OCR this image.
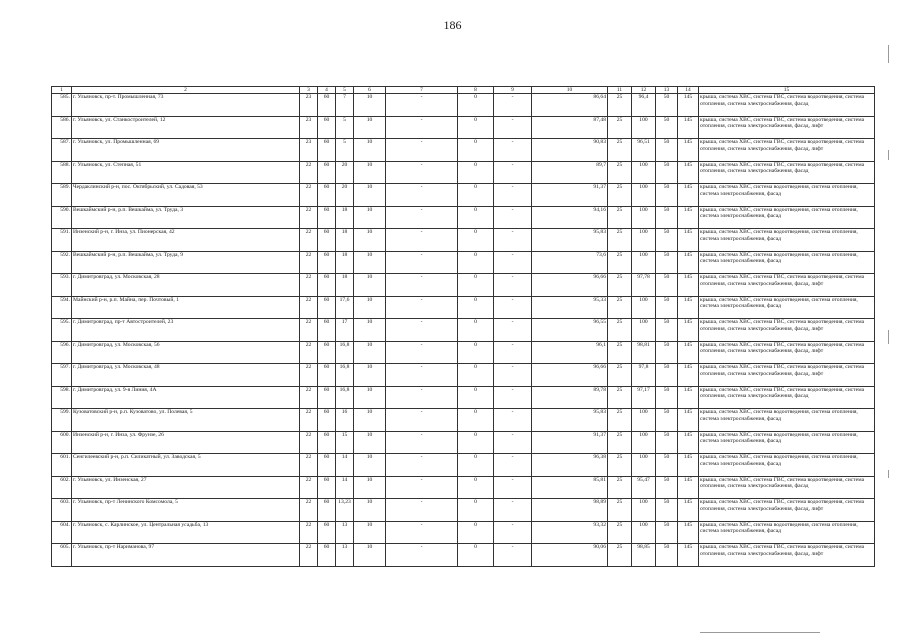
186
1	2	3	4	5	6	7	8	9	10	11	12	13	14	15
585.	г. Ульяновск, пр-т. Промышленная, 73	23	60	7	10	-	0	-	86,64	25	96,4	50	145	крыша, система ХВС, система ГВС, система водоотведения, система отопления, система электроснабжения, фасад
586.	г. Ульяновск, ул. Станкостроителей, 12	23	60	5	10	-	0	-	87,48	25	100	50	145	крыша, система ХВС, система ГВС, система водоотведения, система отопления, система электроснабжения, фасад, лифт
587.	г. Ульяновск, ул. Промышленная, 69	23	60	5	10	-	0	-	90,83	25	96,51	50	145	крыша, система ХВС, система ГВС, система водоотведения, система отопления, система электроснабжения, фасад, лифт
588.	г. Ульяновск, ул. Степная, 51	22	60	20	10	-	0	-	89,7	25	100	50	145	крыша, система ХВС, система ГВС, система водоотведения, система отопления, система электроснабжения, фасад
589.	Чердаклинский р-н, пос. Октябрьский, ул. Садовая, 53	22	60	20	10	-	0	-	91,37	25	100	50	145	крыша, система ХВС, система водоотведения, система отопления, система электроснабжения, фасад
590.	Вешкаймский р-н, р.п. Вешкайма, ул. Труда, 3	22	60	18	10	-	0	-	94,16	25	100	50	145	крыша, система ХВС, система водоотведения, система отопления, система электроснабжения, фасад
591.	Инзенский р-н, г. Инза, ул. Пионерская, 42	22	60	18	10	-	0	-	95,83	25	100	50	145	крыша, система ХВС, система водоотведения, система отопления, система электроснабжения, фасад
592.	Вешкаймский р-н, р.п. Вешкайма, ул. Труда, 9	22	60	18	10	-	0	-	73,6	25	100	50	145	крыша, система ХВС, система водоотведения, система отопления, система электроснабжения, фасад
593.	г. Димитровград, ул. Московская, 28	22	60	18	10	-	0	-	96,66	25	97,78	50	145	крыша, система ХВС, система ГВС, система водоотведения, система отопления, система электроснабжения, фасад, лифт
594.	Майнский р-н, р.п. Майна, пер. Почтовый, 1	22	60	17,6	10	-	0	-	95,33	25	100	50	145	крыша, система ХВС, система водоотведения, система отопления, система электроснабжения, фасад
595.	г. Димитровград, пр-т Автостроителей, 23	22	60	17	10	-	0	-	96,55	25	100	50	145	крыша, система ХВС, система ГВС, система водоотведения, система отопления, система электроснабжения, фасад, лифт
596.	г. Димитровград, ул. Московская, 56	22	60	16,8	10	-	0	-	96,1	25	98,81	50	145	крыша, система ХВС, система ГВС, система водоотведения, система отопления, система электроснабжения, фасад, лифт
597.	г. Димитровград, ул. Московская, 48	22	60	16,8	10	-	0	-	96,66	25	97,8	50	145	крыша, система ХВС, система ГВС, система водоотведения, система отопления, система электроснабжения, фасад, лифт
598.	г. Димитровград, ул. 9-я Линия, 4А	22	60	16,8	10	-	0	-	89,78	25	97,17	50	145	крыша, система ХВС, система ГВС, система водоотведения, система отопления, система электроснабжения, фасад
599.	Кузоватовский р-н, р.п. Кузоватово, ул. Полевая, 5	22	60	16	10	-	0	-	95,83	25	100	50	145	крыша, система ХВС, система водоотведения, система отопления, система электроснабжения, фасад
600.	Инзенский р-н, г. Инза, ул. Фрунзе, 26	22	60	15	10	-	0	-	91,37	25	100	50	145	крыша, система ХВС, система водоотведения, система отопления, система электроснабжения, фасад
601.	Сенгилеевский р-н, р.п. Силикатный, ул. Заводская, 5	22	60	14	10	-	0	-	96,38	25	100	50	145	крыша, система ХВС, система водоотведения, система отопления, система электроснабжения, фасад
602.	г. Ульяновск, ул. Инзенская, 27	22	60	14	10	-	0	-	85,81	25	95,47	50	145	крыша, система ХВС, система ГВС, система водоотведения, система отопления, система электроснабжения, фасад
603.	г. Ульяновск, пр-т Ленинского Комсомола, 5	22	60	13,23	10	-	0	-	98,89	25	100	50	145	крыша, система ХВС, система ГВС, система водоотведения, система отопления, система электроснабжения, фасад, лифт
604.	г. Ульяновск, с. Карлинское, ул. Центральная усадьба, 13	22	60	13	10	-	0	-	93,32	25	100	50	145	крыша, система ХВС, система водоотведения, система отопления, система электроснабжения, фасад
605.	г. Ульяновск, пр-т Нариманова, 97	22	60	13	10	-	0	-	90,06	25	98,85	50	145	крыша, система ХВС, система ГВС, система водоотведения, система отопления, система электроснабжения, фасад, лифт
